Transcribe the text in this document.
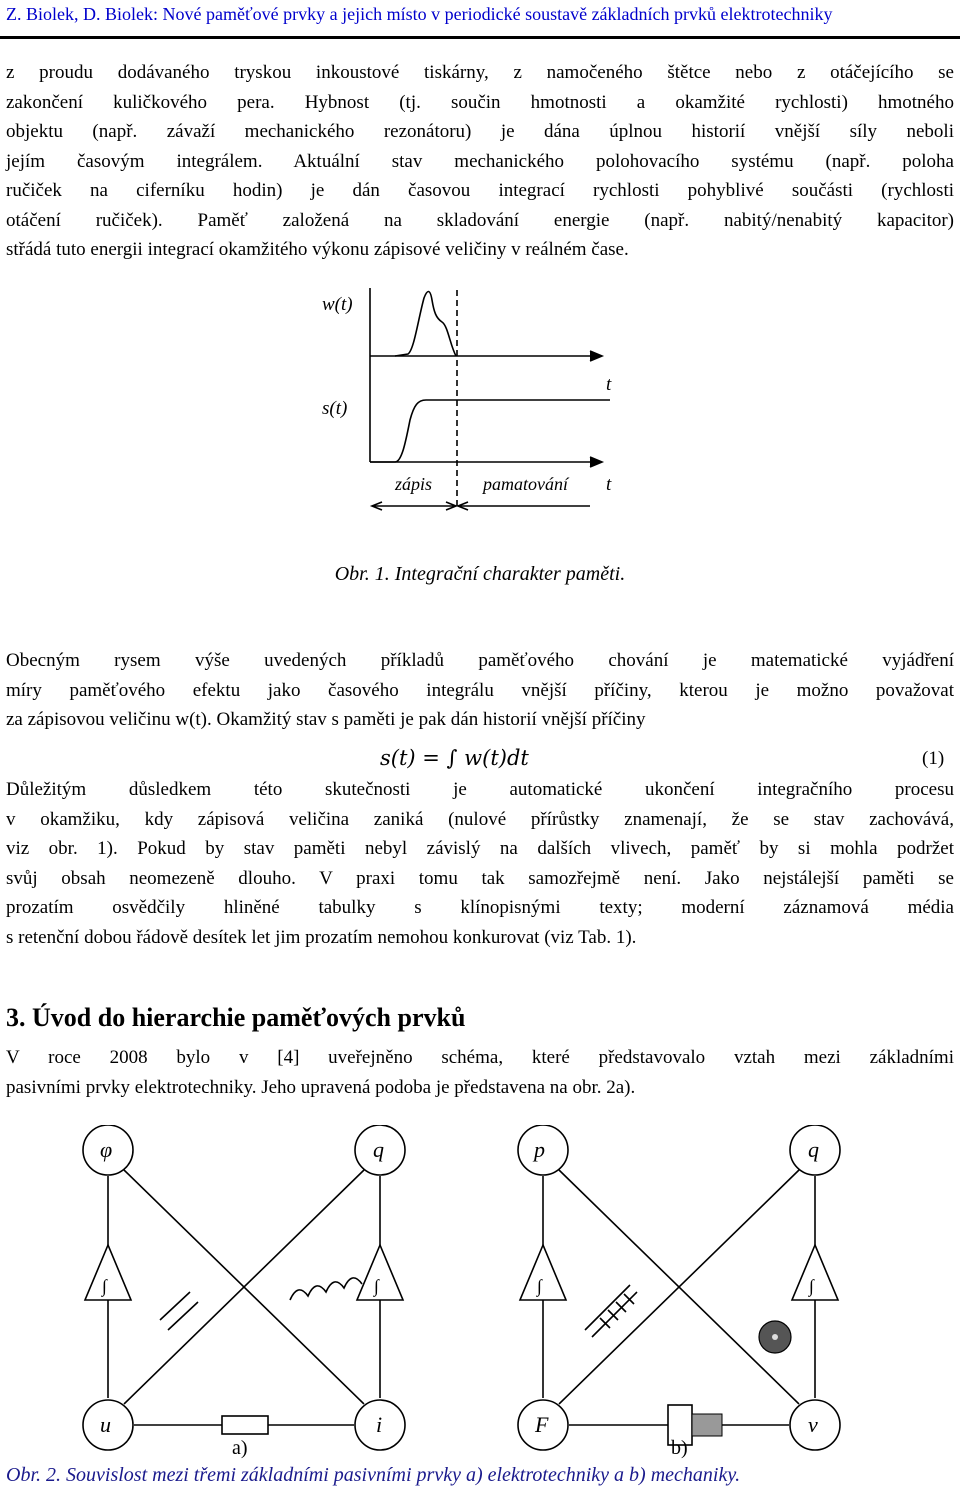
Z. Biolek, D. Biolek: Nové paměťové prvky a jejich místo v periodické soustavě základních prvků elektrotechniky
z proudu dodávaného tryskou inkoustové tiskárny, z namočeného štětce nebo z otáčejícího se
zakončení kuličkového pera. Hybnost (tj. součin hmotnosti a okamžité rychlosti) hmotného
objektu (např. závaží mechanického rezonátoru) je dána úplnou historií vnější síly neboli
jejím časovým integrálem. Aktuální stav mechanického polohovacího systému (např. poloha
ručiček na ciferníku hodin) je dán časovou integrací rychlosti pohyblivé součásti (rychlosti
otáčení ručiček). Paměť založená na skladování energie (např. nabitý/nenabitý kapacitor)
střádá tuto energii integrací okamžitého výkonu zápisové veličiny v reálném čase.
w(t)
s(t)
t
t
zápis	pamatování
Obr. 1. Integrační charakter paměti.
Obecným rysem výše uvedených příkladů paměťového chování je matematické vyjádření
míry paměťového efektu jako časového integrálu vnější příčiny, kterou je možno považovat
za zápisovou veličinu w(t). Okamžitý stav s paměti je pak dán historií vnější příčiny
s(t) = ∫ w(t)dt	(1)
Důležitým důsledkem této skutečnosti je automatické ukončení integračního procesu
v okamžiku, kdy zápisová veličina zaniká (nulové přírůstky znamenají, že se stav zachovává,
viz obr. 1). Pokud by stav paměti nebyl závislý na dalších vlivech, paměť by si mohla podržet
svůj obsah neomezeně dlouho. V praxi tomu tak samozřejmě není. Jako nejstálejší paměti se
prozatím osvědčily hliněné tabulky s klínopisnými texty; moderní záznamová média
s retenční dobou řádově desítek let jim prozatím nemohou konkurovat (viz Tab. 1).
3. Úvod do hierarchie paměťových prvků
V roce 2008 bylo v [4] uveřejněno schéma, které představovalo vztah mezi základními
pasivními prvky elektrotechniky. Jeho upravená podoba je představena na obr. 2a).
φ	q
u	i
∫	∫
a)
p	q
F	v
∫	∫
b)
Obr. 2. Souvislost mezi třemi základními pasivními prvky a) elektrotechniky a b) mechaniky.
